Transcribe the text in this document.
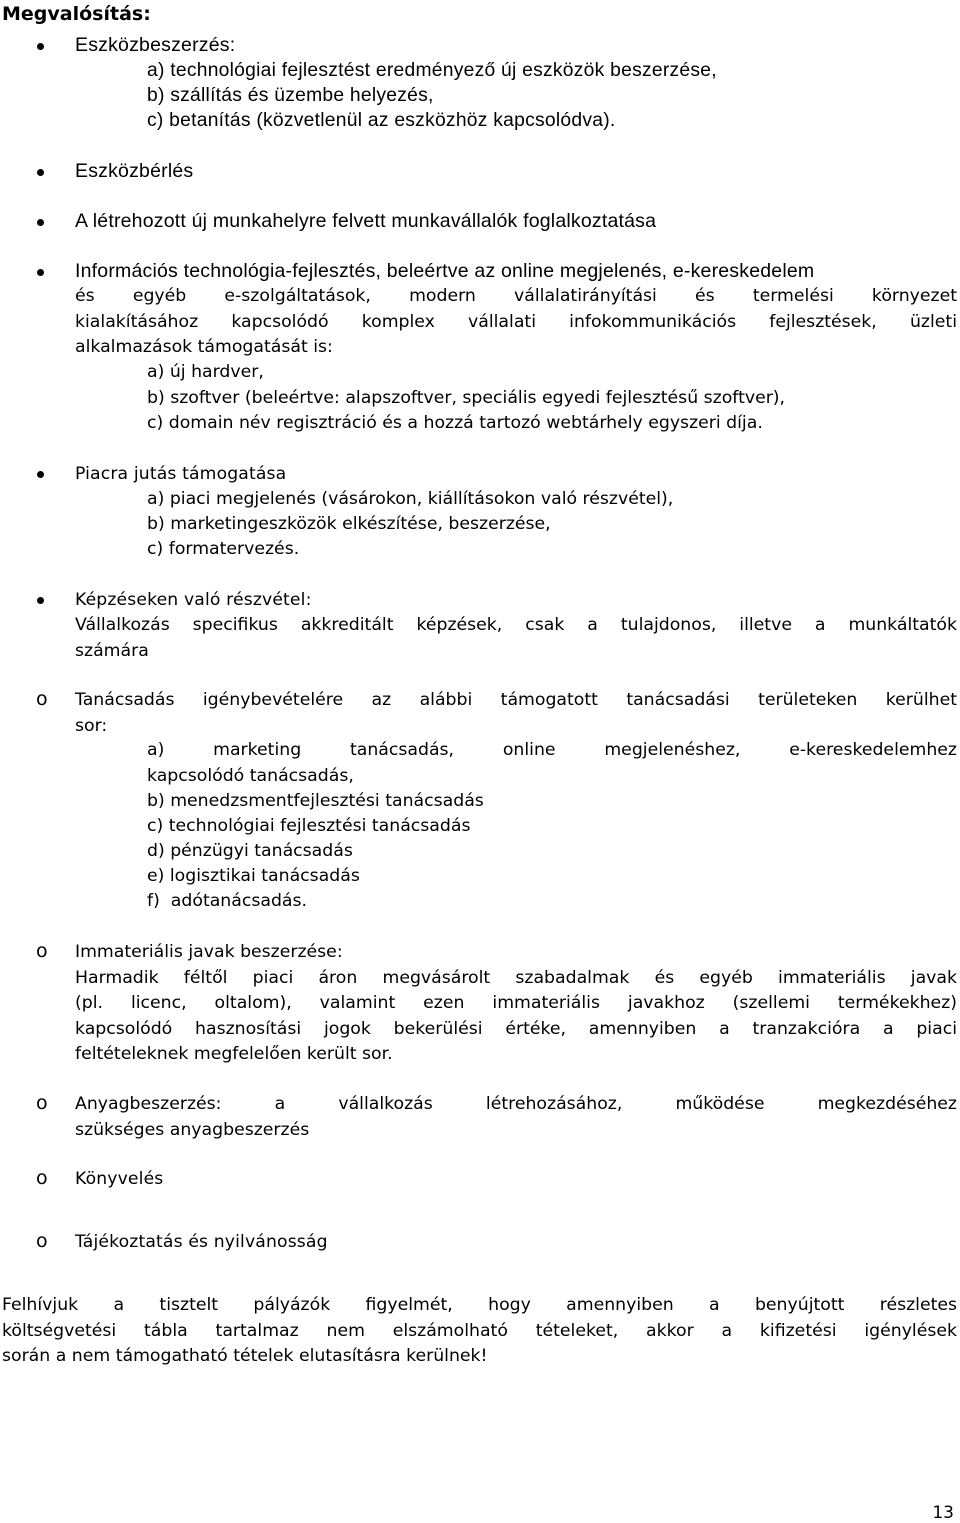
Megvalósítás:
Eszközbeszerzés:
a) technológiai fejlesztést eredményező új eszközök beszerzése,
b) szállítás és üzembe helyezés,
c) betanítás (közvetlenül az eszközhöz kapcsolódva).
Eszközbérlés
A létrehozott új munkahelyre felvett munkavállalók foglalkoztatása
Információs technológia-fejlesztés, beleértve az online megjelenés, e-kereskedelem
és egyéb e-szolgáltatások, modern vállalatirányítási és termelési környezet
kialakításához kapcsolódó komplex vállalati infokommunikációs fejlesztések, üzleti
alkalmazások támogatását is:
a) új hardver,
b) szoftver (beleértve: alapszoftver, speciális egyedi fejlesztésű szoftver),
c) domain név regisztráció és a hozzá tartozó webtárhely egyszeri díja.
Piacra jutás támogatása
a) piaci megjelenés (vásárokon, kiállításokon való részvétel),
b) marketingeszközök elkészítése, beszerzése,
c) formatervezés.
Képzéseken való részvétel:
Vállalkozás specifikus akkreditált képzések, csak a tulajdonos, illetve a munkáltatók
számára
o Tanácsadás igénybevételére az alábbi támogatott tanácsadási területeken kerülhet
sor:
a) marketing tanácsadás, online megjelenéshez, e-kereskedelemhez
kapcsolódó tanácsadás,
b) menedzsmentfejlesztési tanácsadás
c) technológiai fejlesztési tanácsadás
d) pénzügyi tanácsadás
e) logisztikai tanácsadás
f)  adótanácsadás.
o Immateriális javak beszerzése:
Harmadik féltől piaci áron megvásárolt szabadalmak és egyéb immateriális javak
(pl. licenc, oltalom), valamint ezen immateriális javakhoz (szellemi termékekhez)
kapcsolódó hasznosítási jogok bekerülési értéke, amennyiben a tranzakcióra a piaci
feltételeknek megfelelően került sor.
o Anyagbeszerzés: a vállalkozás létrehozásához, működése megkezdéséhez
szükséges anyagbeszerzés
o Könyvelés
o Tájékoztatás és nyilvánosság
Felhívjuk a tisztelt pályázók figyelmét, hogy amennyiben a benyújtott részletes
költségvetési tábla tartalmaz nem elszámolható tételeket, akkor a kifizetési igénylések
során a nem támogatható tételek elutasításra kerülnek!
13
